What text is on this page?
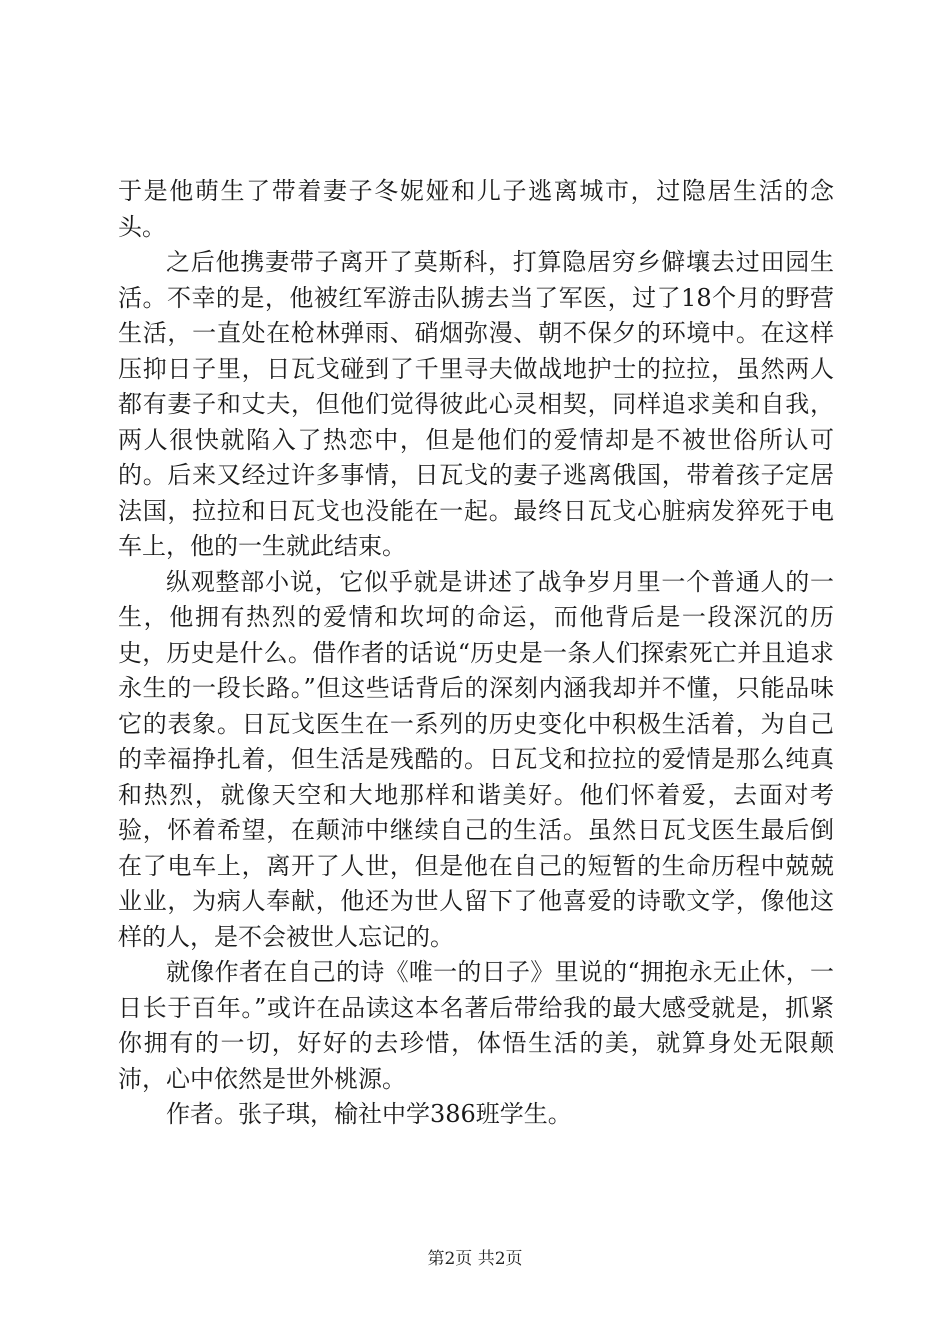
于是他萌生了带着妻子冬妮娅和儿子逃离城市，过隐居生活的念头。

之后他携妻带子离开了莫斯科，打算隐居穷乡僻壤去过田园生活。不幸的是，他被红军游击队掳去当了军医，过了18个月的野营生活，一直处在枪林弹雨、硝烟弥漫、朝不保夕的环境中。在这样压抑日子里，日瓦戈碰到了千里寻夫做战地护士的拉拉，虽然两人都有妻子和丈夫，但他们觉得彼此心灵相契，同样追求美和自我，两人很快就陷入了热恋中，但是他们的爱情却是不被世俗所认可的。后来又经过许多事情，日瓦戈的妻子逃离俄国，带着孩子定居法国，拉拉和日瓦戈也没能在一起。最终日瓦戈心脏病发猝死于电车上，他的一生就此结束。

纵观整部小说，它似乎就是讲述了战争岁月里一个普通人的一生，他拥有热烈的爱情和坎坷的命运，而他背后是一段深沉的历史，历史是什么。借作者的话说“历史是一条人们探索死亡并且追求永生的一段长路。”但这些话背后的深刻内涵我却并不懂，只能品味它的表象。日瓦戈医生在一系列的历史变化中积极生活着，为自己的幸福挣扎着，但生活是残酷的。日瓦戈和拉拉的爱情是那么纯真和热烈，就像天空和大地那样和谐美好。他们怀着爱，去面对考验，怀着希望，在颠沛中继续自己的生活。虽然日瓦戈医生最后倒在了电车上，离开了人世，但是他在自己的短暂的生命历程中兢兢业业，为病人奉献，他还为世人留下了他喜爱的诗歌文学，像他这样的人，是不会被世人忘记的。

就像作者在自己的诗《唯一的日子》里说的“拥抱永无止休，一日长于百年。”或许在品读这本名著后带给我的最大感受就是，抓紧你拥有的一切，好好的去珍惜，体悟生活的美，就算身处无限颠沛，心中依然是世外桃源。

作者。张子琪，榆社中学386班学生。

第2页 共2页
